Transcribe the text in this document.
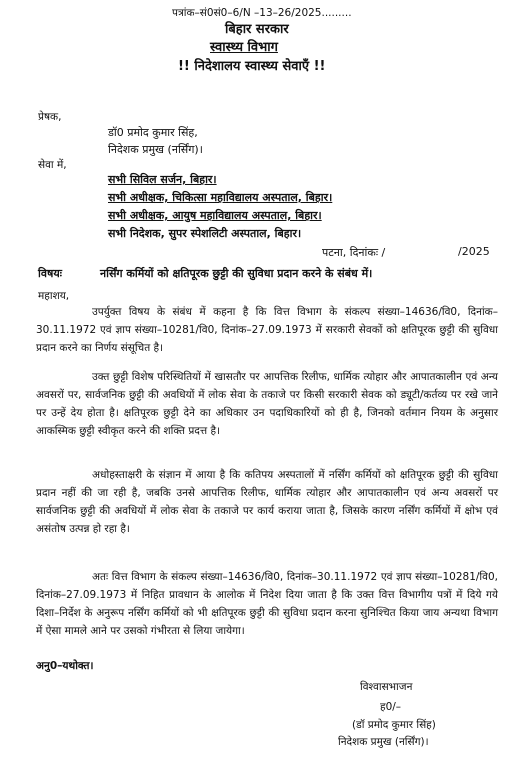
पत्रांक–सं0सं0–6/N –13–26/2025.........
बिहार सरकार
स्वास्थ्य विभाग
!! निदेशालय स्वास्थ्य सेवाएँ !!
प्रेषक,
डॉ0 प्रमोद कुमार सिंह,
निदेशक प्रमुख (नर्सिंग)।
सेवा में,
सभी सिविल सर्जन, बिहार।
सभी अधीक्षक, चिकित्सा महाविद्यालय अस्पताल, बिहार।
सभी अधीक्षक, आयुष महाविद्यालय अस्पताल, बिहार।
सभी निदेशक, सुपर स्पेशलिटी अस्पताल, बिहार।
पटना, दिनांकः /	/2025
विषयः	नर्सिंग कर्मियों को क्षतिपूरक छुट्टी की सुविधा प्रदान करने के संबंध में।
महाशय,
उपर्युक्त विषय के संबंध में कहना है कि वित्त विभाग के संकल्प संख्या–14636/वि0, दिनांक–30.11.1972 एवं ज्ञाप संख्या–10281/वि0, दिनांक–27.09.1973 में सरकारी सेवकों को क्षतिपूरक छुट्टी की सुविधा प्रदान करने का निर्णय संसूचित है।
उक्त छुट्टी विशेष परिस्थितियों में खासतौर पर आपत्तिक रिलीफ, धार्मिक त्योहार और आपातकालीन एवं अन्य अवसरों पर, सार्वजनिक छुट्टी की अवधियों में लोक सेवा के तकाजे पर किसी सरकारी सेवक को ड्यूटी/कर्तव्य पर रखे जाने पर उन्हें देय होता है। क्षतिपूरक छुट्टी देने का अधिकार उन पदाधिकारियों को ही है, जिनको वर्तमान नियम के अनुसार आकस्मिक छुट्टी स्वीकृत करने की शक्ति प्रदत्त है।
अधोहस्ताक्षरी के संज्ञान में आया है कि कतिपय अस्पतालों में नर्सिंग कर्मियों को क्षतिपूरक छुट्टी की सुविधा प्रदान नहीं की जा रही है, जबकि उनसे आपत्तिक रिलीफ, धार्मिक त्योहार और आपातकालीन एवं अन्य अवसरों पर सार्वजनिक छुट्टी की अवधियों में लोक सेवा के तकाजे पर कार्य कराया जाता है, जिसके कारण नर्सिंग कर्मियों में क्षोभ एवं असंतोष उत्पन्न हो रहा है।
अतः वित्त विभाग के संकल्प संख्या–14636/वि0, दिनांक–30.11.1972 एवं ज्ञाप संख्या–10281/वि0, दिनांक–27.09.1973 में निहित प्रावधान के आलोक में निदेश दिया जाता है कि उक्त वित्त विभागीय पत्रों में दिये गये दिशा–निर्देश के अनुरूप नर्सिंग कर्मियों को भी क्षतिपूरक छुट्टी की सुविधा प्रदान करना सुनिश्चित किया जाय अन्यथा विभाग में ऐसा मामले आने पर उसको गंभीरता से लिया जायेगा।
अनु0–यथोक्त।
विश्वासभाजन
ह0/–
(डॉ प्रमोद कुमार सिंह)
निदेशक प्रमुख (नर्सिंग)।
